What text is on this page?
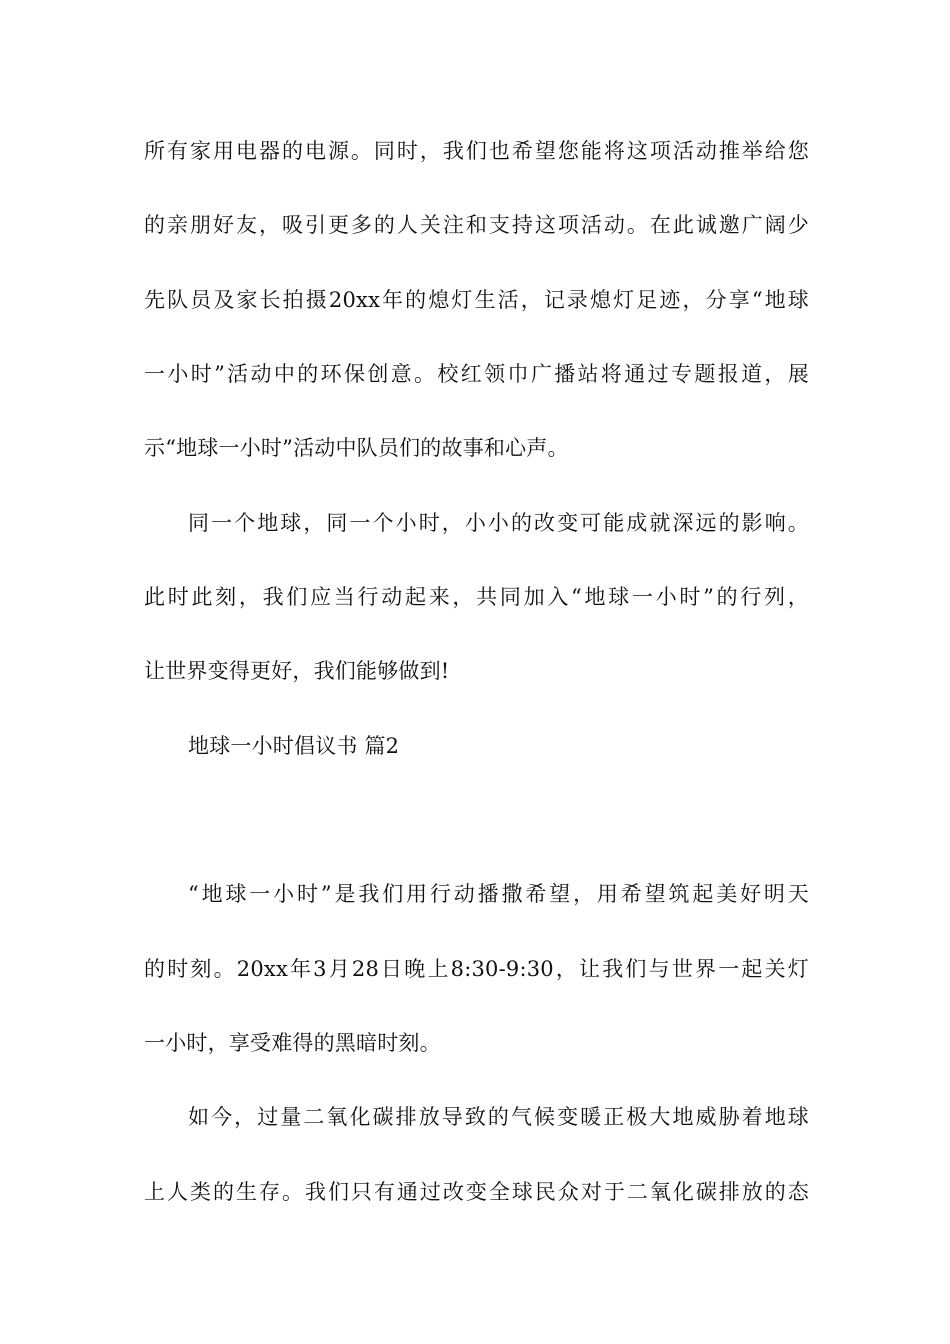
所有家用电器的电源。同时，我们也希望您能将这项活动推举给您
的亲朋好友，吸引更多的人关注和支持这项活动。在此诚邀广阔少
先队员及家长拍摄20xx年的熄灯生活，记录熄灯足迹，分享“地球
一小时”活动中的环保创意。校红领巾广播站将通过专题报道，展
示“地球一小时”活动中队员们的故事和心声。
同一个地球，同一个小时，小小的改变可能成就深远的影响。
此时此刻，我们应当行动起来，共同加入“地球一小时”的行列，
让世界变得更好，我们能够做到!
地球一小时倡议书 篇2
“地球一小时”是我们用行动播撒希望，用希望筑起美好明天
的时刻。20xx年3月28日晚上8:30-9:30，让我们与世界一起关灯
一小时，享受难得的黑暗时刻。
如今，过量二氧化碳排放导致的气候变暖正极大地威胁着地球
上人类的生存。我们只有通过改变全球民众对于二氧化碳排放的态
